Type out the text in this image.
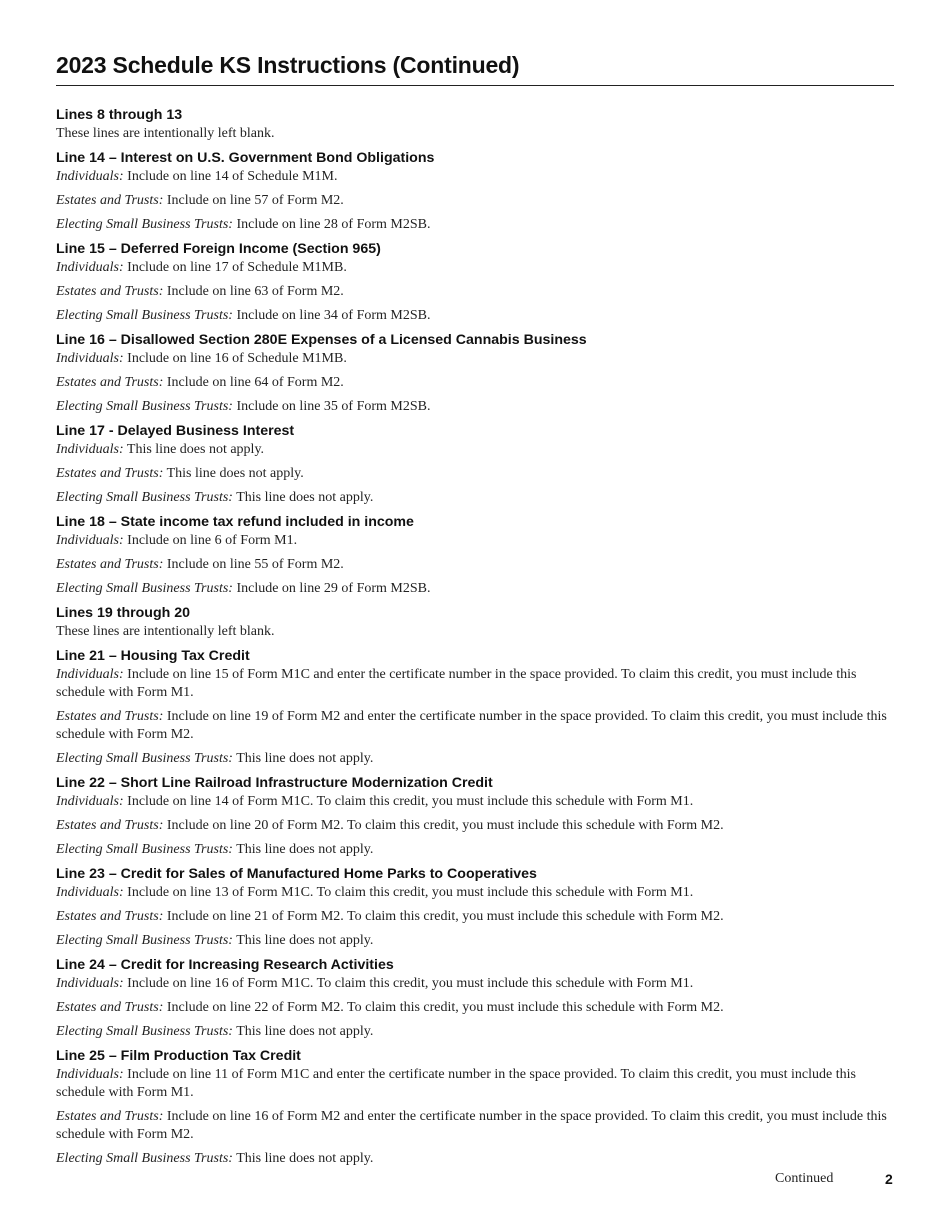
2023 Schedule KS Instructions (Continued)
Lines 8 through 13

These lines are intentionally left blank.

Line 14 – Interest on U.S. Government Bond Obligations

Individuals: Include on line 14 of Schedule M1M.

Estates and Trusts: Include on line 57 of Form M2.

Electing Small Business Trusts: Include on line 28 of Form M2SB.

Line 15 – Deferred Foreign Income (Section 965)

Individuals: Include on line 17 of Schedule M1MB.

Estates and Trusts: Include on line 63 of Form M2.

Electing Small Business Trusts: Include on line 34 of Form M2SB.

Line 16 – Disallowed Section 280E Expenses of a Licensed Cannabis Business

Individuals: Include on line 16 of Schedule M1MB.

Estates and Trusts: Include on line 64 of Form M2.

Electing Small Business Trusts: Include on line 35 of Form M2SB.

Line 17 - Delayed Business Interest

Individuals: This line does not apply.

Estates and Trusts: This line does not apply.

Electing Small Business Trusts: This line does not apply.

Line 18 – State income tax refund included in income

Individuals: Include on line 6 of Form M1.

Estates and Trusts: Include on line 55 of Form M2.

Electing Small Business Trusts: Include on line 29 of Form M2SB.

Lines 19 through 20

These lines are intentionally left blank.

Line 21 – Housing Tax Credit

Individuals: Include on line 15 of Form M1C and enter the certificate number in the space provided. To claim this credit, you must include this schedule with Form M1.

Estates and Trusts: Include on line 19 of Form M2 and enter the certificate number in the space provided. To claim this credit, you must include this schedule with Form M2.

Electing Small Business Trusts: This line does not apply.

Line 22 – Short Line Railroad Infrastructure Modernization Credit

Individuals: Include on line 14 of Form M1C. To claim this credit, you must include this schedule with Form M1.

Estates and Trusts: Include on line 20 of Form M2. To claim this credit, you must include this schedule with Form M2.

Electing Small Business Trusts: This line does not apply.

Line 23 – Credit for Sales of Manufactured Home Parks to Cooperatives

Individuals: Include on line 13 of Form M1C. To claim this credit, you must include this schedule with Form M1.

Estates and Trusts: Include on line 21 of Form M2. To claim this credit, you must include this schedule with Form M2.

Electing Small Business Trusts: This line does not apply.

Line 24 – Credit for Increasing Research Activities

Individuals: Include on line 16 of Form M1C. To claim this credit, you must include this schedule with Form M1.

Estates and Trusts: Include on line 22 of Form M2. To claim this credit, you must include this schedule with Form M2.

Electing Small Business Trusts: This line does not apply.

Line 25 – Film Production Tax Credit

Individuals: Include on line 11 of Form M1C and enter the certificate number in the space provided. To claim this credit, you must include this schedule with Form M1.

Estates and Trusts: Include on line 16 of Form M2 and enter the certificate number in the space provided. To claim this credit, you must include this schedule with Form M2.

Electing Small Business Trusts: This line does not apply.

Continued	2
